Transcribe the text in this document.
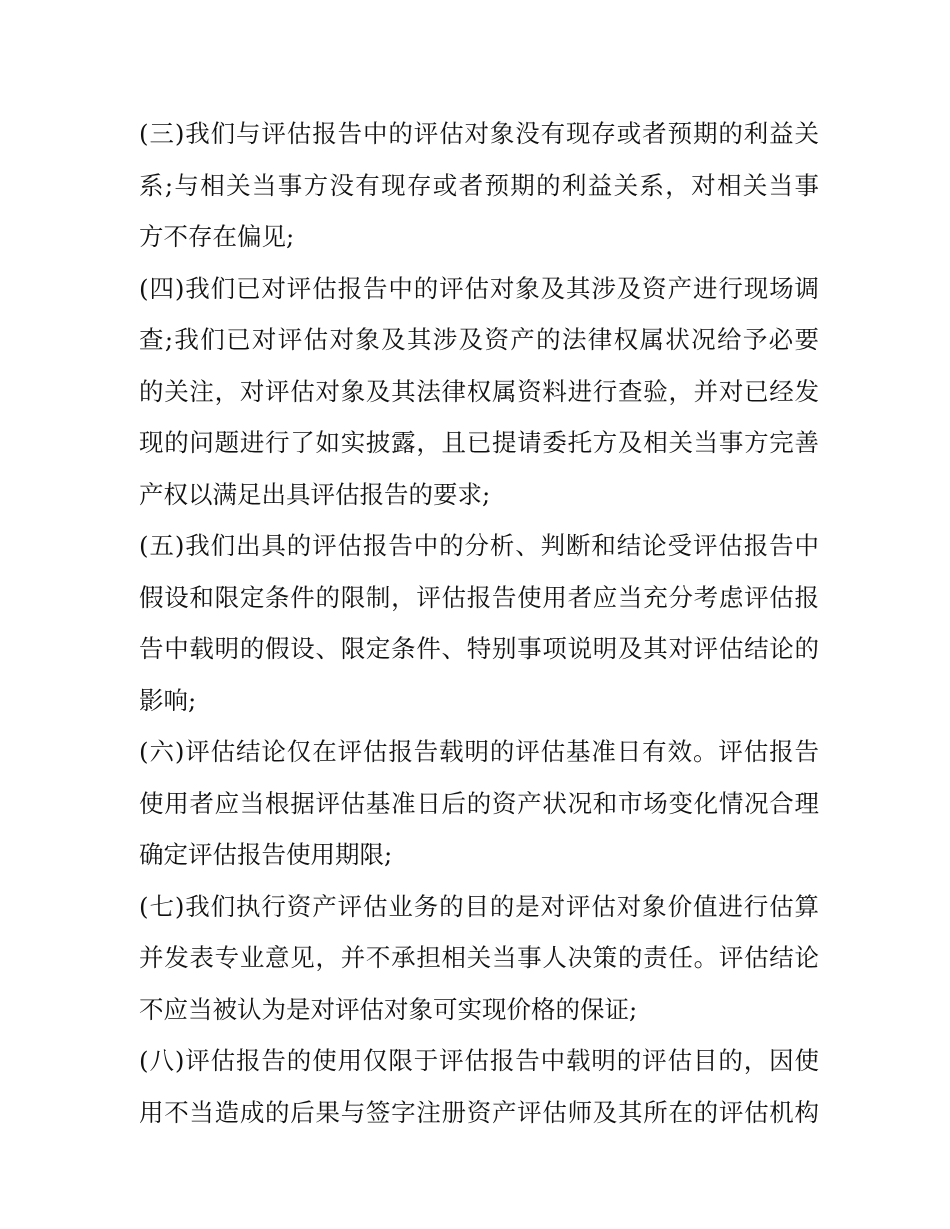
(三)我们与评估报告中的评估对象没有现存或者预期的利益关
系;与相关当事方没有现存或者预期的利益关系，对相关当事
方不存在偏见;
(四)我们已对评估报告中的评估对象及其涉及资产进行现场调
查;我们已对评估对象及其涉及资产的法律权属状况给予必要
的关注，对评估对象及其法律权属资料进行查验，并对已经发
现的问题进行了如实披露，且已提请委托方及相关当事方完善
产权以满足出具评估报告的要求;
(五)我们出具的评估报告中的分析、判断和结论受评估报告中
假设和限定条件的限制，评估报告使用者应当充分考虑评估报
告中载明的假设、限定条件、特别事项说明及其对评估结论的
影响;
(六)评估结论仅在评估报告载明的评估基准日有效。评估报告
使用者应当根据评估基准日后的资产状况和市场变化情况合理
确定评估报告使用期限;
(七)我们执行资产评估业务的目的是对评估对象价值进行估算
并发表专业意见，并不承担相关当事人决策的责任。评估结论
不应当被认为是对评估对象可实现价格的保证;
(八)评估报告的使用仅限于评估报告中载明的评估目的，因使
用不当造成的后果与签字注册资产评估师及其所在的评估机构
